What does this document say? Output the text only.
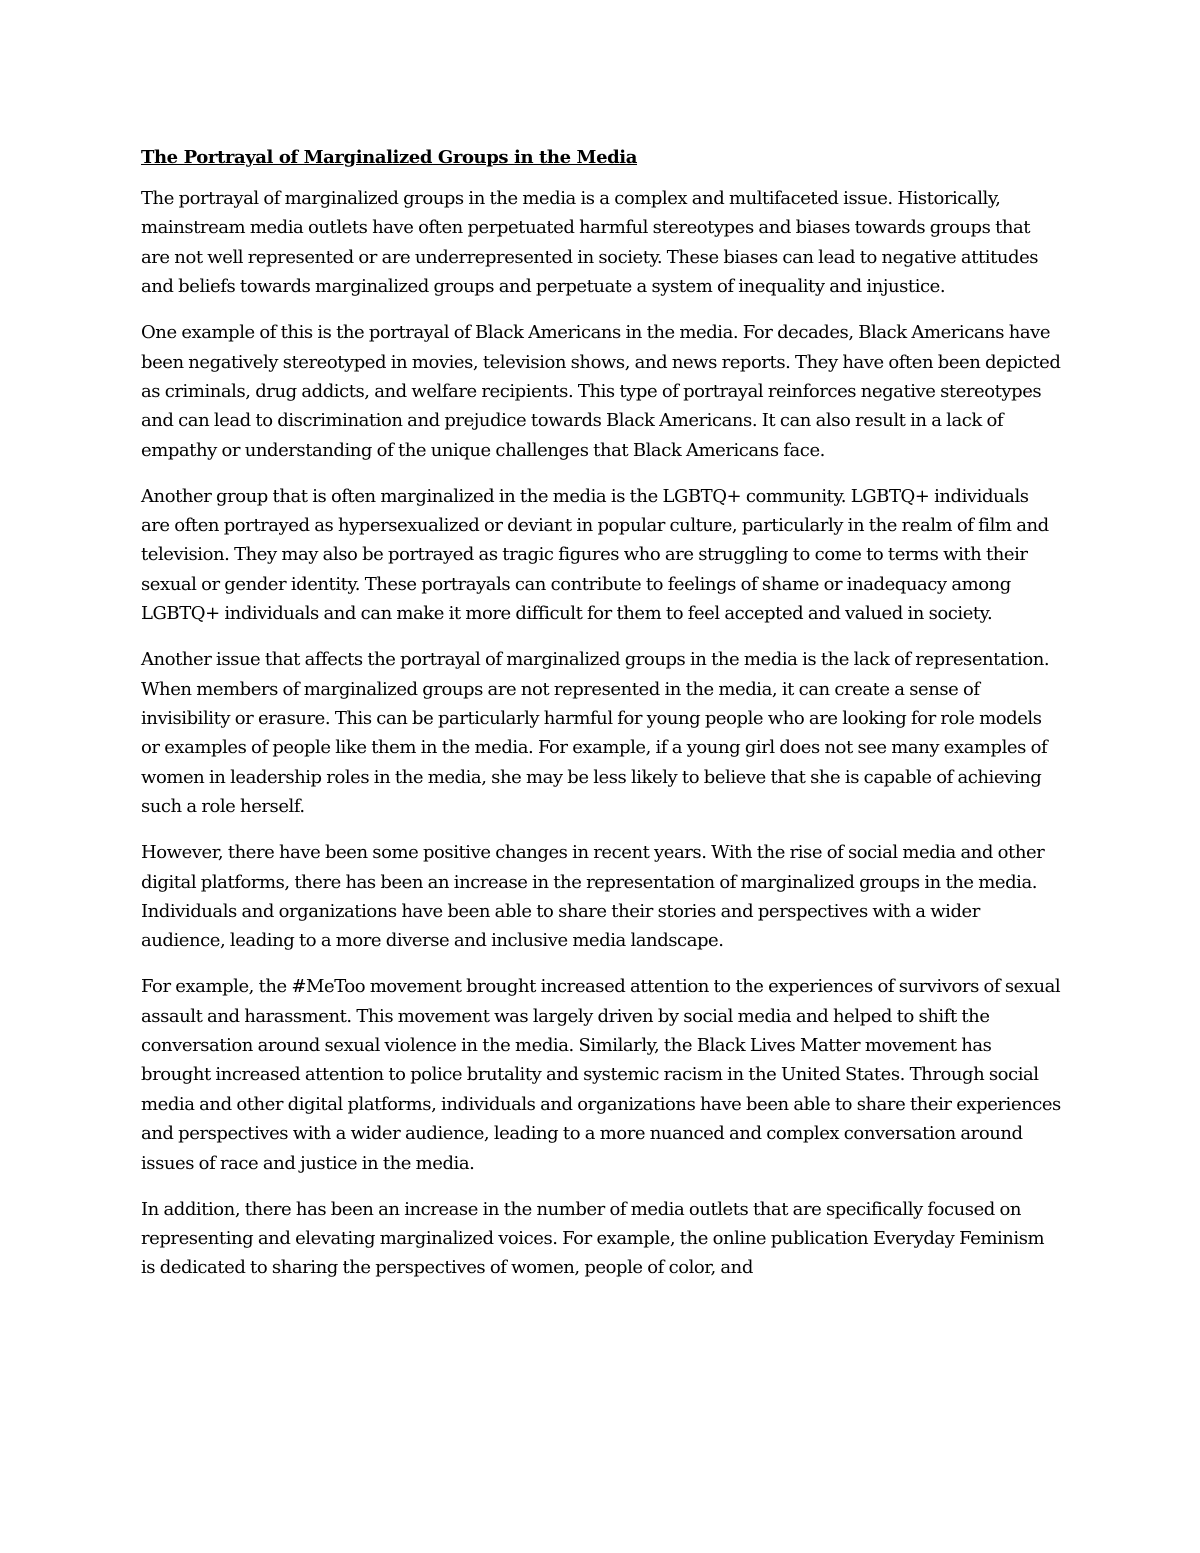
The Portrayal of Marginalized Groups in the Media

The portrayal of marginalized groups in the media is a complex and multifaceted issue. Historically, mainstream media outlets have often perpetuated harmful stereotypes and biases towards groups that are not well represented or are underrepresented in society. These biases can lead to negative attitudes and beliefs towards marginalized groups and perpetuate a system of inequality and injustice.

One example of this is the portrayal of Black Americans in the media. For decades, Black Americans have been negatively stereotyped in movies, television shows, and news reports. They have often been depicted as criminals, drug addicts, and welfare recipients. This type of portrayal reinforces negative stereotypes and can lead to discrimination and prejudice towards Black Americans. It can also result in a lack of empathy or understanding of the unique challenges that Black Americans face.

Another group that is often marginalized in the media is the LGBTQ+ community. LGBTQ+ individuals are often portrayed as hypersexualized or deviant in popular culture, particularly in the realm of film and television. They may also be portrayed as tragic figures who are struggling to come to terms with their sexual or gender identity. These portrayals can contribute to feelings of shame or inadequacy among LGBTQ+ individuals and can make it more difficult for them to feel accepted and valued in society.

Another issue that affects the portrayal of marginalized groups in the media is the lack of representation. When members of marginalized groups are not represented in the media, it can create a sense of invisibility or erasure. This can be particularly harmful for young people who are looking for role models or examples of people like them in the media. For example, if a young girl does not see many examples of women in leadership roles in the media, she may be less likely to believe that she is capable of achieving such a role herself.

However, there have been some positive changes in recent years. With the rise of social media and other digital platforms, there has been an increase in the representation of marginalized groups in the media. Individuals and organizations have been able to share their stories and perspectives with a wider audience, leading to a more diverse and inclusive media landscape.

For example, the #MeToo movement brought increased attention to the experiences of survivors of sexual assault and harassment. This movement was largely driven by social media and helped to shift the conversation around sexual violence in the media. Similarly, the Black Lives Matter movement has brought increased attention to police brutality and systemic racism in the United States. Through social media and other digital platforms, individuals and organizations have been able to share their experiences and perspectives with a wider audience, leading to a more nuanced and complex conversation around issues of race and justice in the media.

In addition, there has been an increase in the number of media outlets that are specifically focused on representing and elevating marginalized voices. For example, the online publication Everyday Feminism is dedicated to sharing the perspectives of women, people of color, and
